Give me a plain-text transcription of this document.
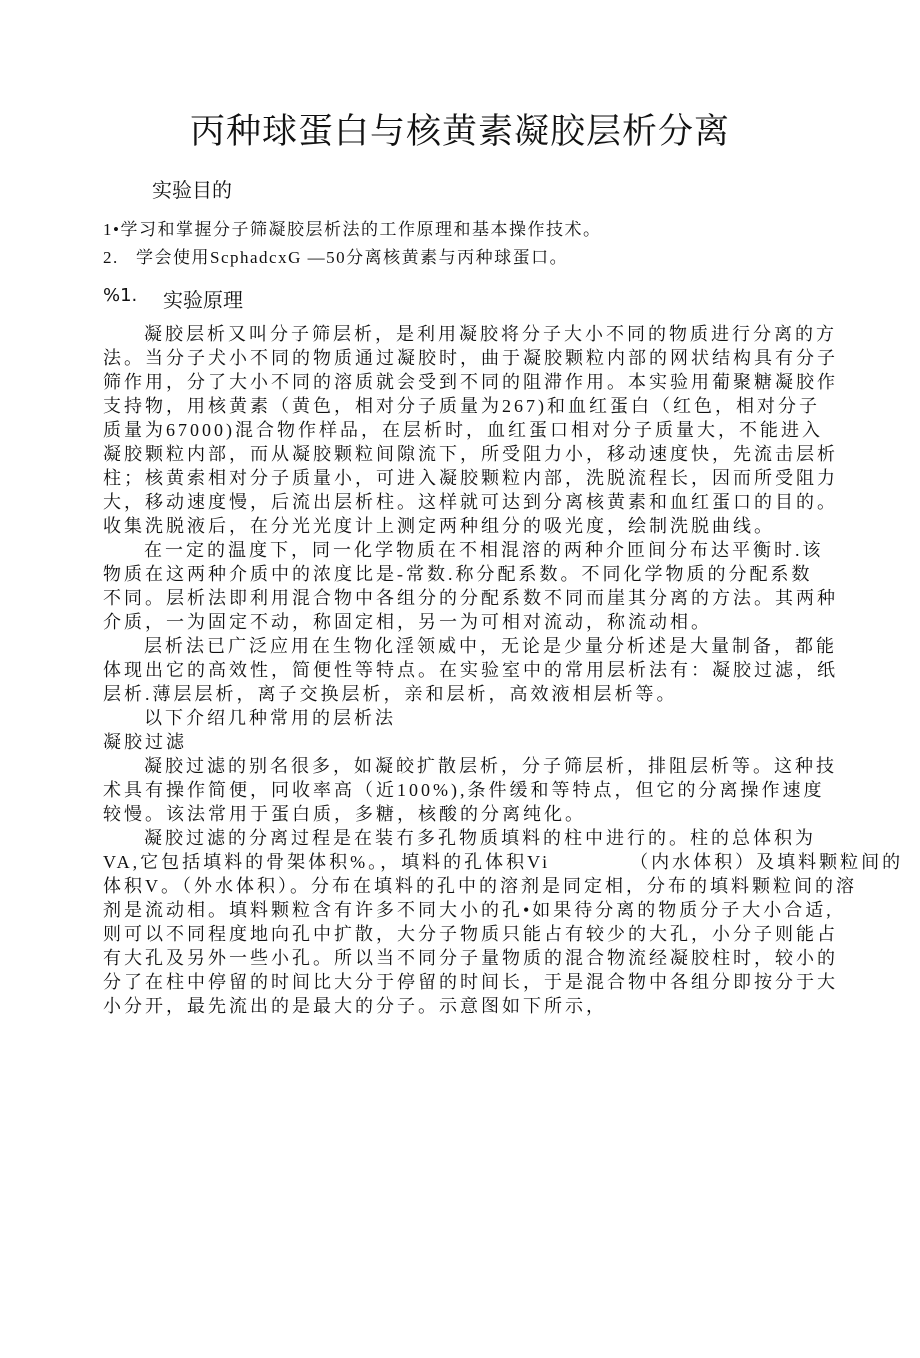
丙种球蛋白与核黄素凝胶层析分离
实验目的
1•学习和掌握分子筛凝胶层析法的工作原理和基本操作技术。
2.   学会使用ScphadcxG —50分离核黄素与丙种球蛋口。
%1. 实验原理
凝胶层析又叫分子筛层析，是利用凝胶将分子大小不同的物质进行分离的方
法。当分子犬小不同的物质通过凝胶时，曲于凝胶颗粒内部的网状结构具有分子
筛作用，分了大小不同的溶质就会受到不同的阻滞作用。本实验用葡聚糖凝胶作
支持物，用核黄素（黄色，相对分子质量为267)和血红蛋白（红色，相对分子
质量为67000)混合物作样品，在层析时，血红蛋口相对分子质量大，不能进入
凝胶颗粒内部，而从凝胶颗粒间隙流下，所受阻力小，移动速度快，先流击层析
柱；核黄索相对分子质量小，可进入凝胶颗粒内部，洗脱流程长，因而所受阻力
大，移动速度慢，后流出层析柱。这样就可达到分离核黄素和血红蛋口的目的。
收集洗脱液后，在分光光度计上测定两种组分的吸光度，绘制洗脱曲线。
在一定的温度下，同一化学物质在不相混溶的两种介匝间分布达平衡时.该
物质在这两种介质中的浓度比是-常数.称分配系数。不同化学物质的分配系数
不同。层析法即利用混合物中各组分的分配系数不同而崖其分离的方法。其两种
介质，一为固定不动，称固定相，另一为可相对流动，称流动相。
层析法已广泛应用在生物化淫领威中，无论是少量分析述是大量制备，都能
体现出它的高效性，简便性等特点。在实验室中的常用层析法有：凝胶过滤，纸
层析.薄层层析，离子交换层析，亲和层析，高效液相层析等。
以下介绍几种常用的层析法
凝胶过滤
凝胶过滤的别名很多，如凝皎扩散层析，分子筛层析，排阻层析等。这种技
术具有操作简便，冋收率高（近100%),条件缓和等特点，但它的分离操作速度
较慢。该法常用于蛋白质，多糖，核酸的分离纯化。
凝胶过滤的分离过程是在装冇多孔物质填料的柱中进行的。柱的总体积为
VA,它包括填料的骨架体积%。，填料的孔体积Vi	（内水体积）及填料颗粒间的
体积V。（外水体积）。分布在填料的孔中的溶剂是同定相，分布的填料颗粒间的溶
剂是流动相。填料颗粒含有许多不同大小的孔•如果待分离的物质分子大小合适,
则可以不同程度地向孔中扩散，大分子物质只能占有较少的大孔，小分子则能占
有大孔及另外一些小孔。所以当不同分子量物质的混合物流经凝胶柱时，较小的
分了在柱中停留的时间比大分于停留的时间长，于是混合物中各组分即按分于大
小分开，最先流出的是最大的分子。示意图如下所示，
